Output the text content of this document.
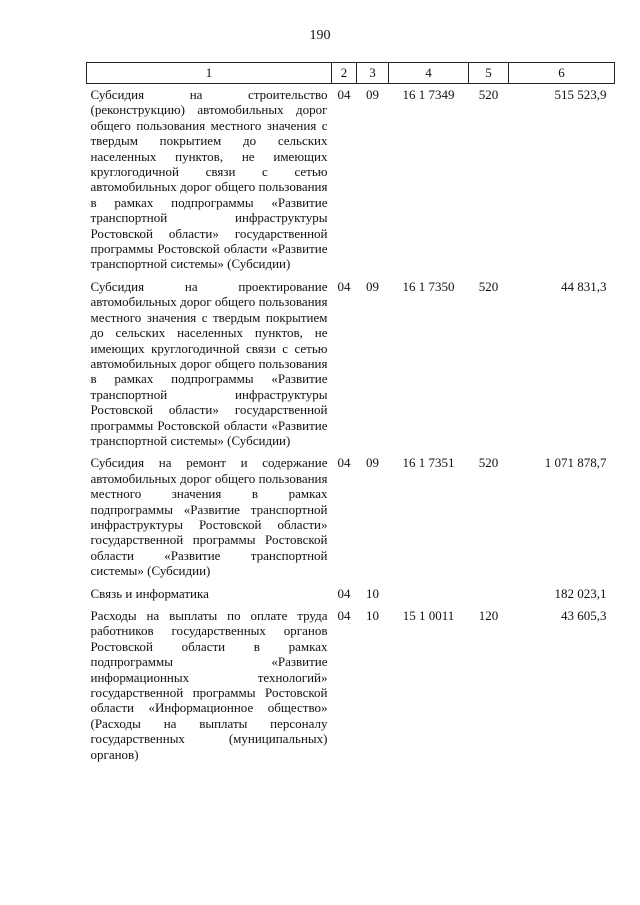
190
1	2	3	4	5	6
Субсидия на строительство (реконструкцию) автомобильных дорог общего пользования местного значения с твердым покрытием до сельских населенных пунктов, не имеющих круглогодичной связи с сетью автомобильных дорог общего пользования в рамках подпрограммы «Развитие транспортной инфраструктуры Ростовской области» государственной программы Ростовской области «Развитие транспортной системы» (Субсидии)	04	09	16 1 7349	520	515 523,9
Субсидия на проектирование автомобильных дорог общего пользования местного значения с твердым покрытием до сельских населенных пунктов, не имеющих круглогодичной связи с сетью автомобильных дорог общего пользования в рамках подпрограммы «Развитие транспортной инфраструктуры Ростовской области» государственной программы Ростовской области «Развитие транспортной системы» (Субсидии)	04	09	16 1 7350	520	44 831,3
Субсидия на ремонт и содержание автомобильных дорог общего пользования местного значения в рамках подпрограммы «Развитие транспортной инфраструктуры Ростовской области» государственной программы Ростовской области «Развитие транспортной системы» (Субсидии)	04	09	16 1 7351	520	1 071 878,7
Связь и информатика	04	10			182 023,1
Расходы на выплаты по оплате труда работников государственных органов Ростовской области в рамках подпрограммы «Развитие информационных технологий» государственной программы Ростовской области «Информационное общество» (Расходы на выплаты персоналу государственных (муниципальных) органов)	04	10	15 1 0011	120	43 605,3
